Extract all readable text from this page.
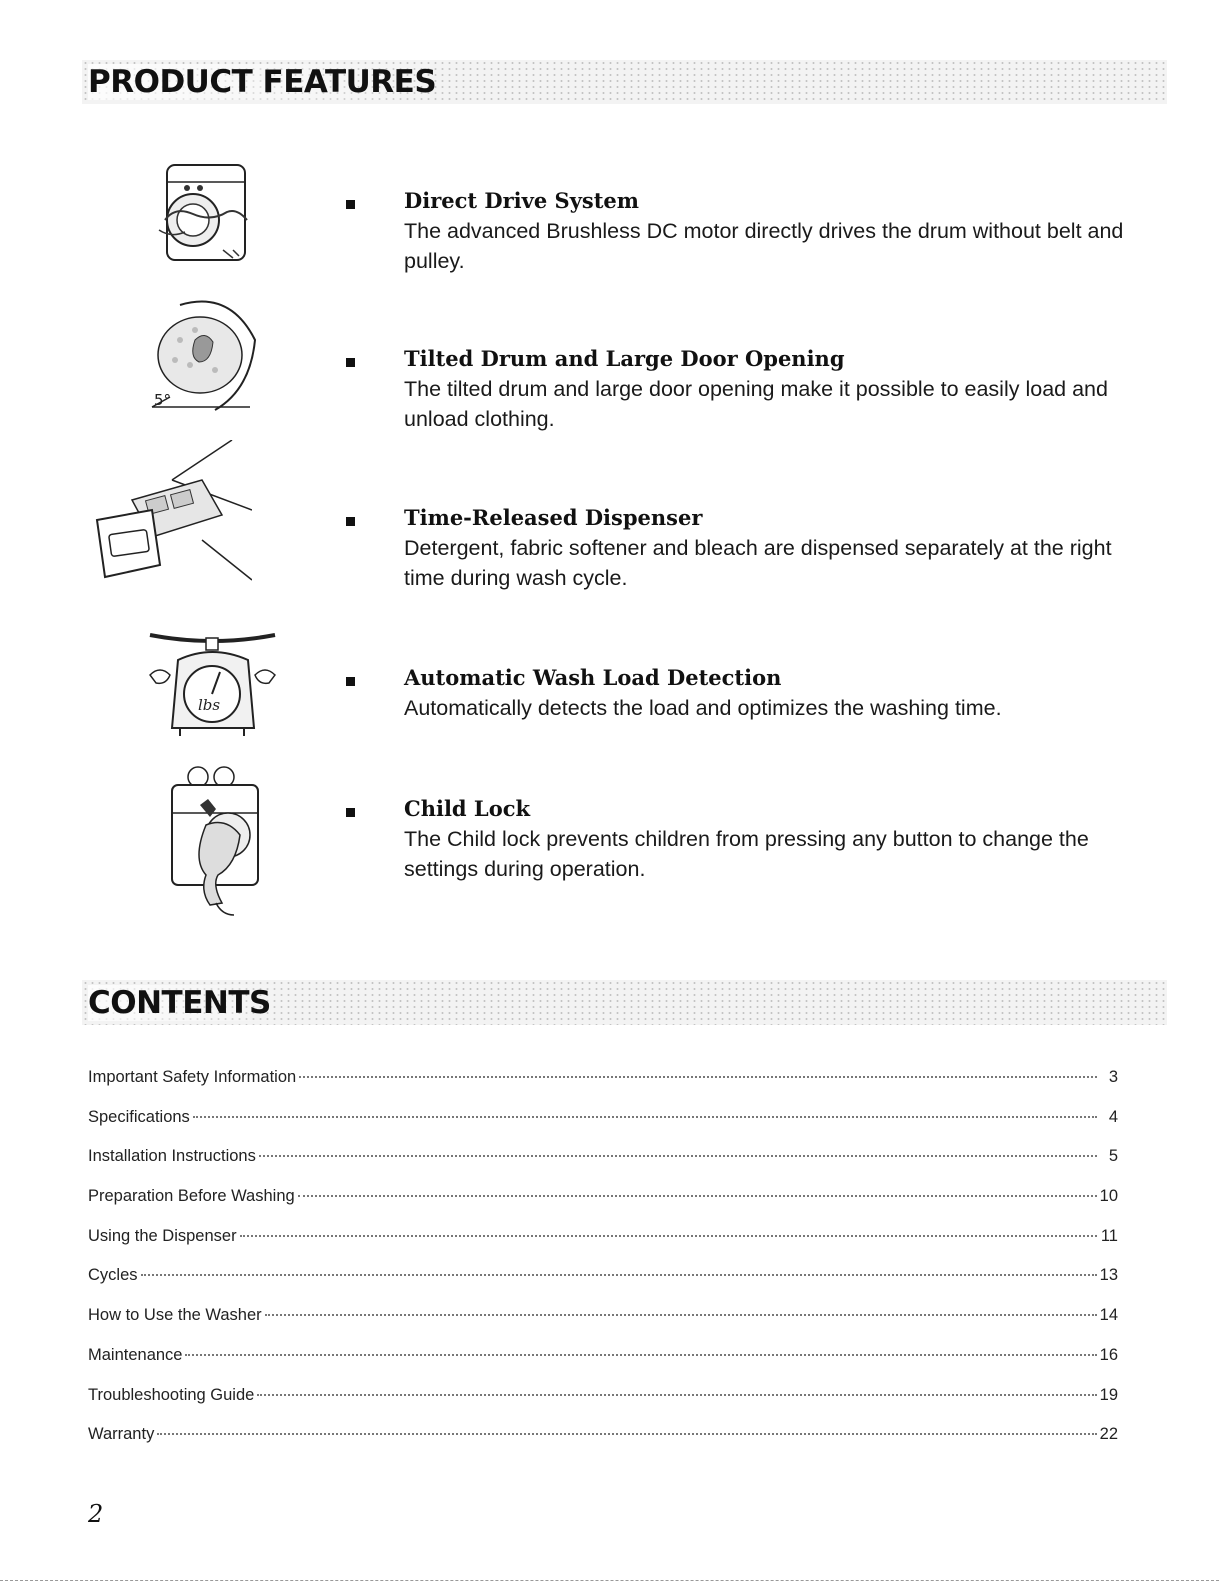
PRODUCT FEATURES
5°
lbs
Direct Drive System
The advanced Brushless DC motor directly drives the drum without belt and pulley.
Tilted Drum and Large Door Opening
The tilted drum and large door opening make it possible to easily load and unload clothing.
Time-Released Dispenser
Detergent, fabric softener and bleach are dispensed separately at the right time during wash cycle.
Automatic Wash Load Detection
Automatically detects the load and optimizes the washing time.
Child Lock
The Child lock prevents children from pressing any button to change the settings during operation.
CONTENTS
Important Safety Information	3
Specifications	4
Installation Instructions	5
Preparation Before Washing	10
Using the Dispenser	11
Cycles	13
How to Use the Washer	14
Maintenance	16
Troubleshooting Guide	19
Warranty	22
2
